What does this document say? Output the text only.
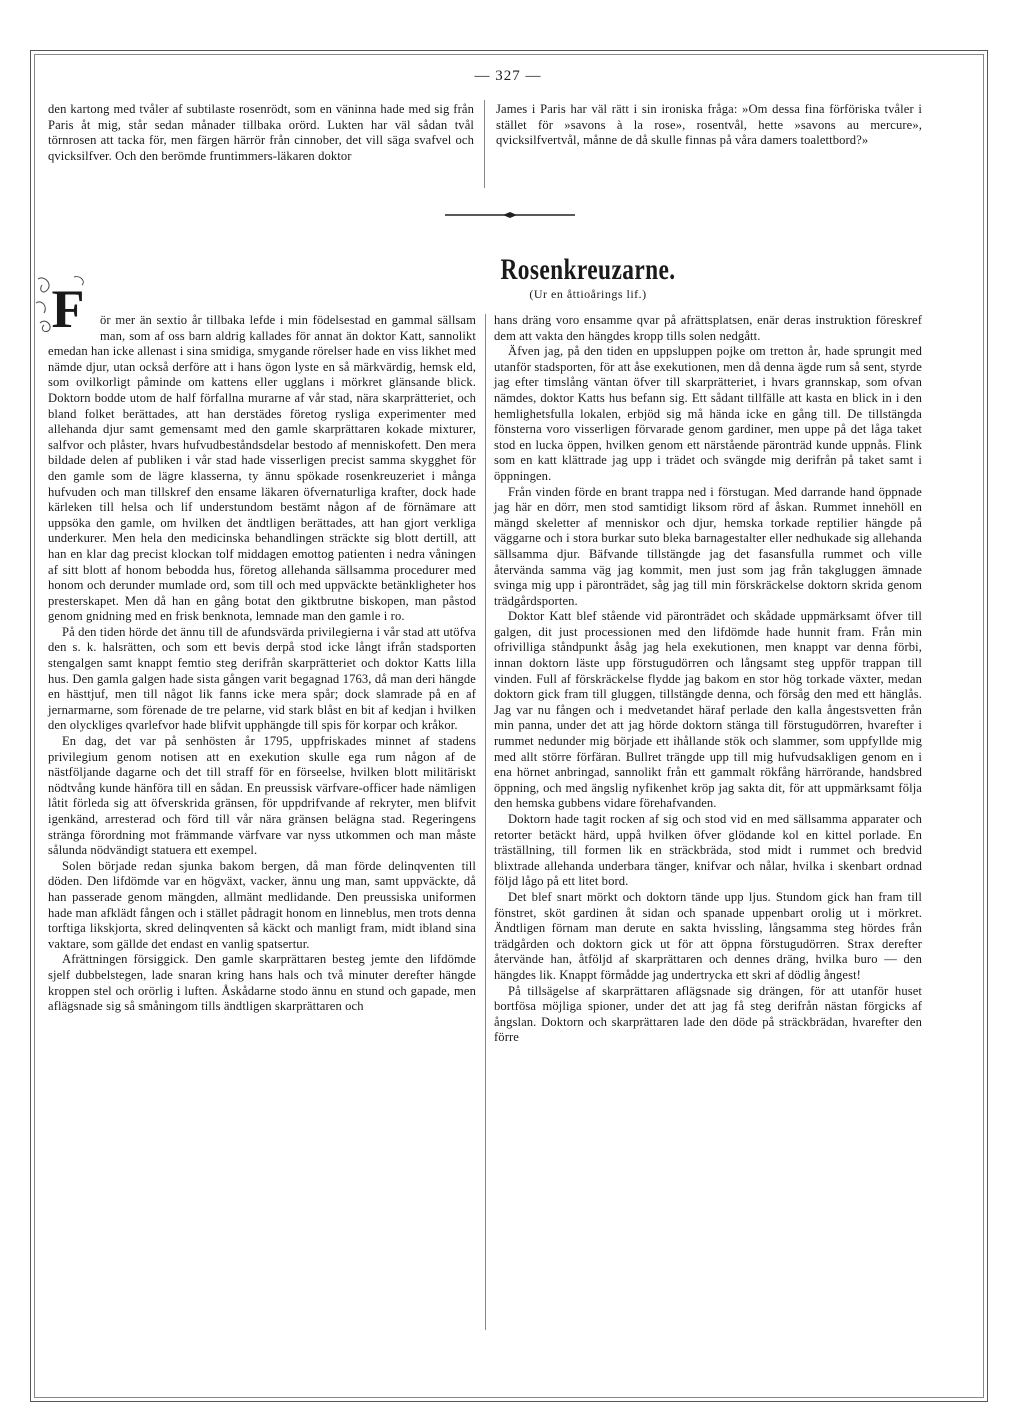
— 327 —

den kartong med tvåler af subtilaste rosenrödt, som en väninna hade med sig från Paris åt mig, står sedan månader tillbaka orörd. Lukten har väl sådan tvål törnrosen att tacka för, men färgen härrör från cinnober, det vill säga svafvel och qvicksilfver. Och den berömde fruntimmers-läkaren doktor

James i Paris har väl rätt i sin ironiska fråga: »Om dessa fina förföriska tvåler i stället för »savons à la rose», rosentvål, hette »savons au mercure», qvicksilfvertvål, månne de då skulle finnas på våra damers toalettbord?»

Rosenkreuzarne.
(Ur en åttioårings lif.)
F	ör mer än sextio år tillbaka lefde i min födelsestad en gammal sällsam man, som af oss barn aldrig kallades för annat än doktor Katt, sannolikt emedan han icke allenast i sina smidiga, smygande rörelser hade en viss likhet med nämde djur, utan också derföre att i hans ögon lyste en så märkvärdig, hemsk eld, som ovilkorligt påminde om kattens eller ugglans i mörkret glänsande blick. Doktorn bodde utom de half förfallna murarne af vår stad, nära skarprätteriet, och bland folket berättades, att han derstädes företog rysliga experimenter med allehanda djur samt gemensamt med den gamle skarprättaren kokade mixturer, salfvor och plåster, hvars hufvudbeståndsdelar bestodo af menniskofett. Den mera bildade delen af publiken i vår stad hade visserligen precist samma skygghet för den gamle som de lägre klasserna, ty ännu spökade rosenkreuzeriet i många hufvuden och man tillskref den ensame läkaren öfvernaturliga krafter, dock hade kärleken till helsa och lif understundom bestämt någon af de förnämare att uppsöka den gamle, om hvilken det ändtligen berättades, att han gjort verkliga underkurer. Men hela den medicinska behandlingen sträckte sig blott dertill, att han en klar dag precist klockan tolf middagen emottog patienten i nedra våningen af sitt blott af honom bebodda hus, företog allehanda sällsamma procedurer med honom och derunder mumlade ord, som till och med uppväckte betänkligheter hos presterskapet. Men då han en gång botat den giktbrutne biskopen, man påstod genom gnidning med en frisk benknota, lemnade man den gamle i ro.

På den tiden hörde det ännu till de afundsvärda privilegierna i vår stad att utöfva den s. k. halsrätten, och som ett bevis derpå stod icke långt ifrån stadsporten stengalgen samt knappt femtio steg derifrån skarprätteriet och doktor Katts lilla hus. Den gamla galgen hade sista gången varit begagnad 1763, då man deri hängde en hästtjuf, men till något lik fanns icke mera spår; dock slamrade på en af jernarmarne, som förenade de tre pelarne, vid stark blåst en bit af kedjan i hvilken den olyckliges qvarlefvor hade blifvit upphängde till spis för korpar och kråkor.

En dag, det var på senhösten år 1795, uppfriskades minnet af stadens privilegium genom notisen att en exekution skulle ega rum någon af de nästföljande dagarne och det till straff för en förseelse, hvilken blott militäriskt nödtvång kunde hänföra till en sådan. En preussisk värfvare-officer hade nämligen låtit förleda sig att öfverskrida gränsen, för uppdrifvande af rekryter, men blifvit igenkänd, arresterad och förd till vår nära gränsen belägna stad. Regeringens stränga förordning mot främmande värfvare var nyss utkommen och man måste sålunda nödvändigt statuera ett exempel.

Solen började redan sjunka bakom bergen, då man förde delinqventen till döden. Den lifdömde var en högväxt, vacker, ännu ung man, samt uppväckte, då han passerade genom mängden, allmänt medlidande. Den preussiska uniformen hade man afklädt fången och i stället pådragit honom en linneblus, men trots denna torftiga likskjorta, skred delinqventen så käckt och manligt fram, midt ibland sina vaktare, som gällde det endast en vanlig spatsertur.

Afrättningen försiggick. Den gamle skarprättaren besteg jemte den lifdömde sjelf dubbelstegen, lade snaran kring hans hals och två minuter derefter hängde kroppen stel och orörlig i luften. Åskådarne stodo ännu en stund och gapade, men aflägsnade sig så småningom tills ändtligen skarprättaren och

hans dräng voro ensamme qvar på afrättsplatsen, enär deras instruktion föreskref dem att vakta den hängdes kropp tills solen nedgått.

Äfven jag, på den tiden en uppsluppen pojke om tretton år, hade sprungit med utanför stadsporten, för att åse exekutionen, men då denna ägde rum så sent, styrde jag efter timslång väntan öfver till skarprätteriet, i hvars grannskap, som ofvan nämdes, doktor Katts hus befann sig. Ett sådant tillfälle att kasta en blick in i den hemlighetsfulla lokalen, erbjöd sig må hända icke en gång till. De tillstängda fönsterna voro visserligen förvarade genom gardiner, men uppe på det låga taket stod en lucka öppen, hvilken genom ett närstående päronträd kunde uppnås. Flink som en katt klättrade jag upp i trädet och svängde mig derifrån på taket samt i öppningen.

Från vinden förde en brant trappa ned i förstugan. Med darrande hand öppnade jag här en dörr, men stod samtidigt liksom rörd af åskan. Rummet innehöll en mängd skeletter af menniskor och djur, hemska torkade reptilier hängde på väggarne och i stora burkar suto bleka barnagestalter eller nedhukade sig allehanda sällsamma djur. Bäfvande tillstängde jag det fasansfulla rummet och ville återvända samma väg jag kommit, men just som jag från takgluggen ämnade svinga mig upp i päronträdet, såg jag till min förskräckelse doktorn skrida genom trädgårdsporten.

Doktor Katt blef stående vid päronträdet och skådade uppmärksamt öfver till galgen, dit just processionen med den lifdömde hade hunnit fram. Från min ofrivilliga ståndpunkt åsåg jag hela exekutionen, men knappt var denna förbi, innan doktorn läste upp förstugudörren och långsamt steg uppför trappan till vinden. Full af förskräckelse flydde jag bakom en stor hög torkade växter, medan doktorn gick fram till gluggen, tillstängde denna, och försåg den med ett hänglås. Jag var nu fången och i medvetandet häraf perlade den kalla ångestsvetten från min panna, under det att jag hörde doktorn stänga till förstugudörren, hvarefter i rummet nedunder mig började ett ihållande stök och slammer, som uppfyllde mig med allt större förfäran. Bullret trängde upp till mig hufvudsakligen genom en i ena hörnet anbringad, sannolikt från ett gammalt rökfång härrörande, handsbred öppning, och med ängslig nyfikenhet kröp jag sakta dit, för att uppmärksamt följa den hemska gubbens vidare förehafvanden.

Doktorn hade tagit rocken af sig och stod vid en med sällsamma apparater och retorter betäckt härd, uppå hvilken öfver glödande kol en kittel porlade. En träställning, till formen lik en sträckbräda, stod midt i rummet och bredvid blixtrade allehanda underbara tänger, knifvar och nålar, hvilka i skenbart ordnad följd lågo på ett litet bord.

Det blef snart mörkt och doktorn tände upp ljus. Stundom gick han fram till fönstret, sköt gardinen åt sidan och spanade uppenbart orolig ut i mörkret. Ändtligen förnam man derute en sakta hvissling, långsamma steg hördes från trädgården och doktorn gick ut för att öppna förstugudörren. Strax derefter återvände han, åtföljd af skarprättaren och dennes dräng, hvilka buro — den hängdes lik. Knappt förmådde jag undertrycka ett skri af dödlig ångest!

På tillsägelse af skarprättaren aflägsnade sig drängen, för att utanför huset bortfösa möjliga spioner, under det att jag få steg derifrån nästan förgicks af ångslan. Doktorn och skarprättaren lade den döde på sträckbrädan, hvarefter den förre
